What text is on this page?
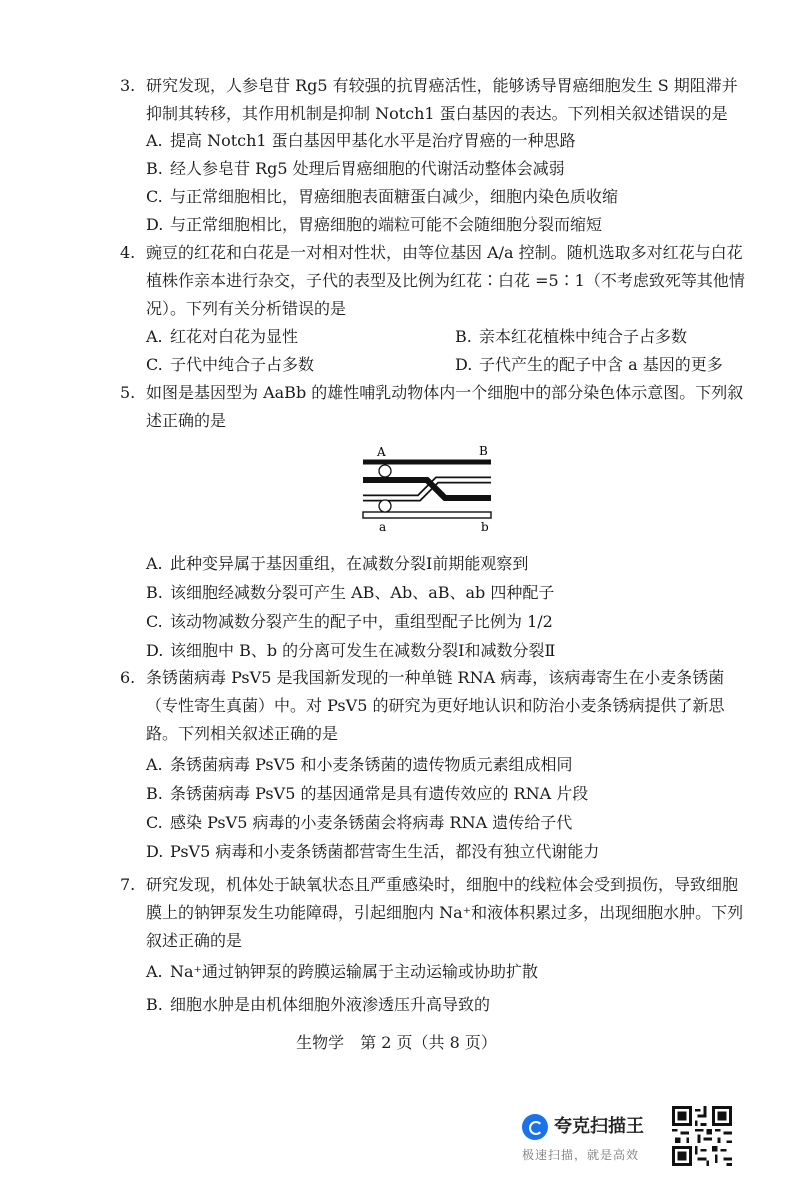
3. 研究发现，人参皂苷 Rg5 有较强的抗胃癌活性，能够诱导胃癌细胞发生 S 期阻滞并抑制其转移，其作用机制是抑制 Notch1 蛋白基因的表达。下列相关叙述错误的是
A. 提高 Notch1 蛋白基因甲基化水平是治疗胃癌的一种思路
B. 经人参皂苷 Rg5 处理后胃癌细胞的代谢活动整体会减弱
C. 与正常细胞相比，胃癌细胞表面糖蛋白减少，细胞内染色质收缩
D. 与正常细胞相比，胃癌细胞的端粒可能不会随细胞分裂而缩短
4. 豌豆的红花和白花是一对相对性状，由等位基因 A/a 控制。随机选取多对红花与白花植株作亲本进行杂交，子代的表型及比例为红花∶白花 =5∶1（不考虑致死等其他情况）。下列有关分析错误的是
A. 红花对白花为显性	B. 亲本红花植株中纯合子占多数
C. 子代中纯合子占多数	D. 子代产生的配子中含 a 基因的更多
5. 如图是基因型为 AaBb 的雄性哺乳动物体内一个细胞中的部分染色体示意图。下列叙述正确的是
A	B
a	b
A. 此种变异属于基因重组，在减数分裂Ⅰ前期能观察到
B. 该细胞经减数分裂可产生 AB、Ab、aB、ab 四种配子
C. 该动物减数分裂产生的配子中，重组型配子比例为 1/2
D. 该细胞中 B、b 的分离可发生在减数分裂Ⅰ和减数分裂Ⅱ
6. 条锈菌病毒 PsV5 是我国新发现的一种单链 RNA 病毒，该病毒寄生在小麦条锈菌（专性寄生真菌）中。对 PsV5 的研究为更好地认识和防治小麦条锈病提供了新思路。下列相关叙述正确的是
A. 条锈菌病毒 PsV5 和小麦条锈菌的遗传物质元素组成相同
B. 条锈菌病毒 PsV5 的基因通常是具有遗传效应的 RNA 片段
C. 感染 PsV5 病毒的小麦条锈菌会将病毒 RNA 遗传给子代
D. PsV5 病毒和小麦条锈菌都营寄生生活，都没有独立代谢能力
7. 研究发现，机体处于缺氧状态且严重感染时，细胞中的线粒体会受到损伤，导致细胞膜上的钠钾泵发生功能障碍，引起细胞内 Na⁺和液体积累过多，出现细胞水肿。下列叙述正确的是
A. Na⁺通过钠钾泵的跨膜运输属于主动运输或协助扩散
B. 细胞水肿是由机体细胞外液渗透压升高导致的
生物学　第 2 页（共 8 页）
夸克扫描王
极速扫描，就是高效
